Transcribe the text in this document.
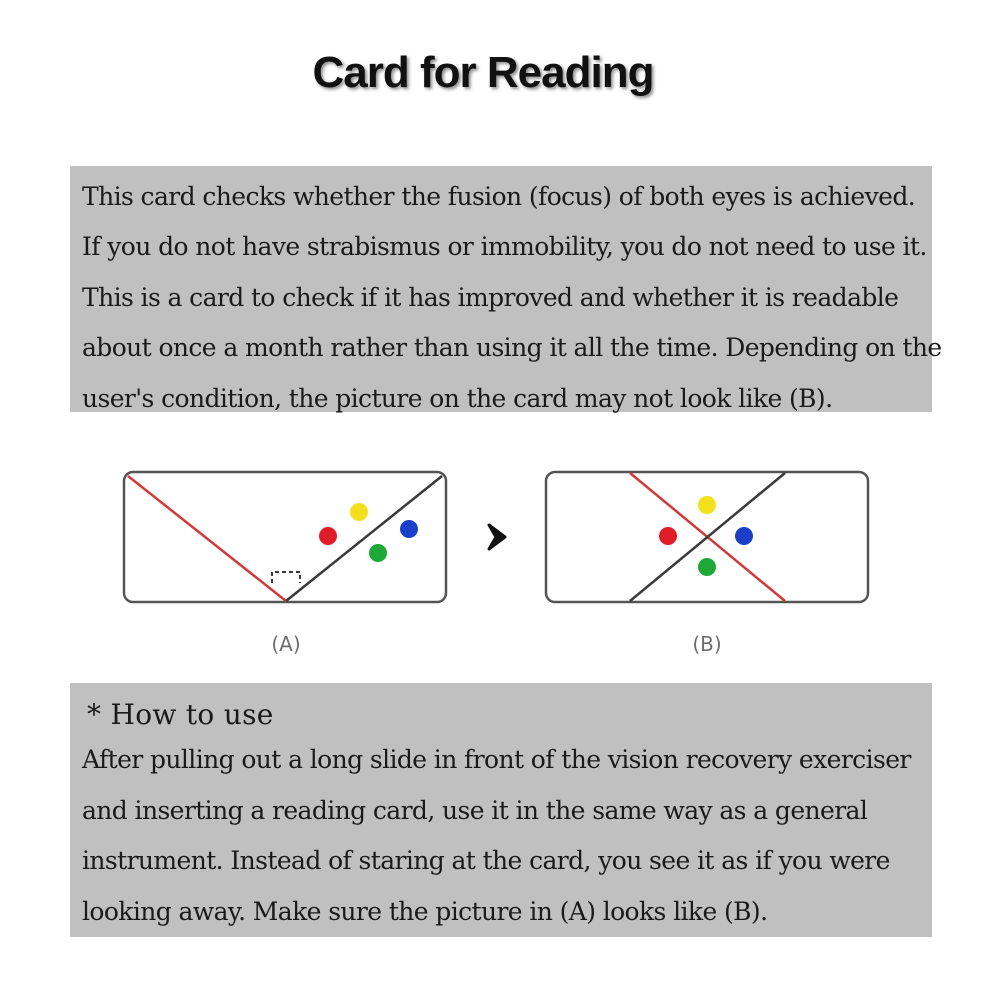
Card for Reading
This card checks whether the fusion (focus) of both eyes is achieved.
If you do not have strabismus or immobility, you do not need to use it.
This is a card to check if it has improved and whether it is readable
about once a month rather than using it all the time. Depending on the
user's condition, the picture on the card may not look like (B).
(A)	(B)
* How to use
After pulling out a long slide in front of the vision recovery exerciser
and inserting a reading card, use it in the same way as a general
instrument. Instead of staring at the card, you see it as if you were
looking away. Make sure the picture in (A) looks like (B).
